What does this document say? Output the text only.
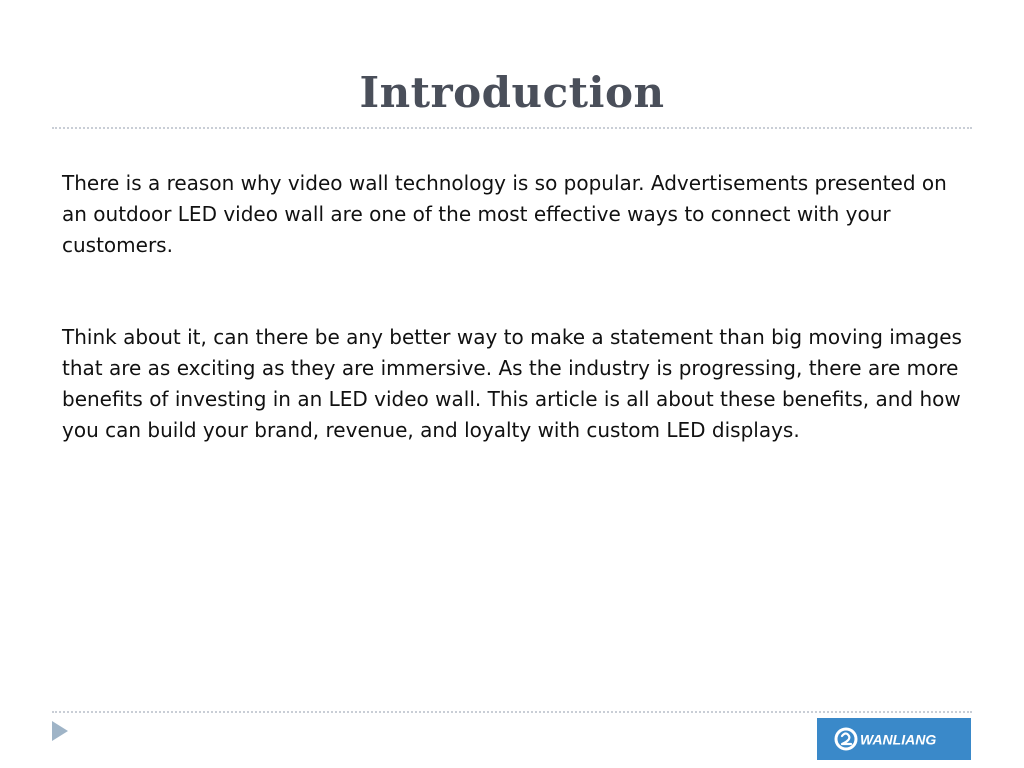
Introduction

There is a reason why video wall technology is so popular. Advertisements presented on an outdoor LED video wall are one of the most effective ways to connect with your customers.

Think about it, can there be any better way to make a statement than big moving images that are as exciting as they are immersive. As the industry is progressing, there are more benefits of investing in an LED video wall. This article is all about these benefits, and how you can build your brand, revenue, and loyalty with custom LED displays.

WANLIANG
